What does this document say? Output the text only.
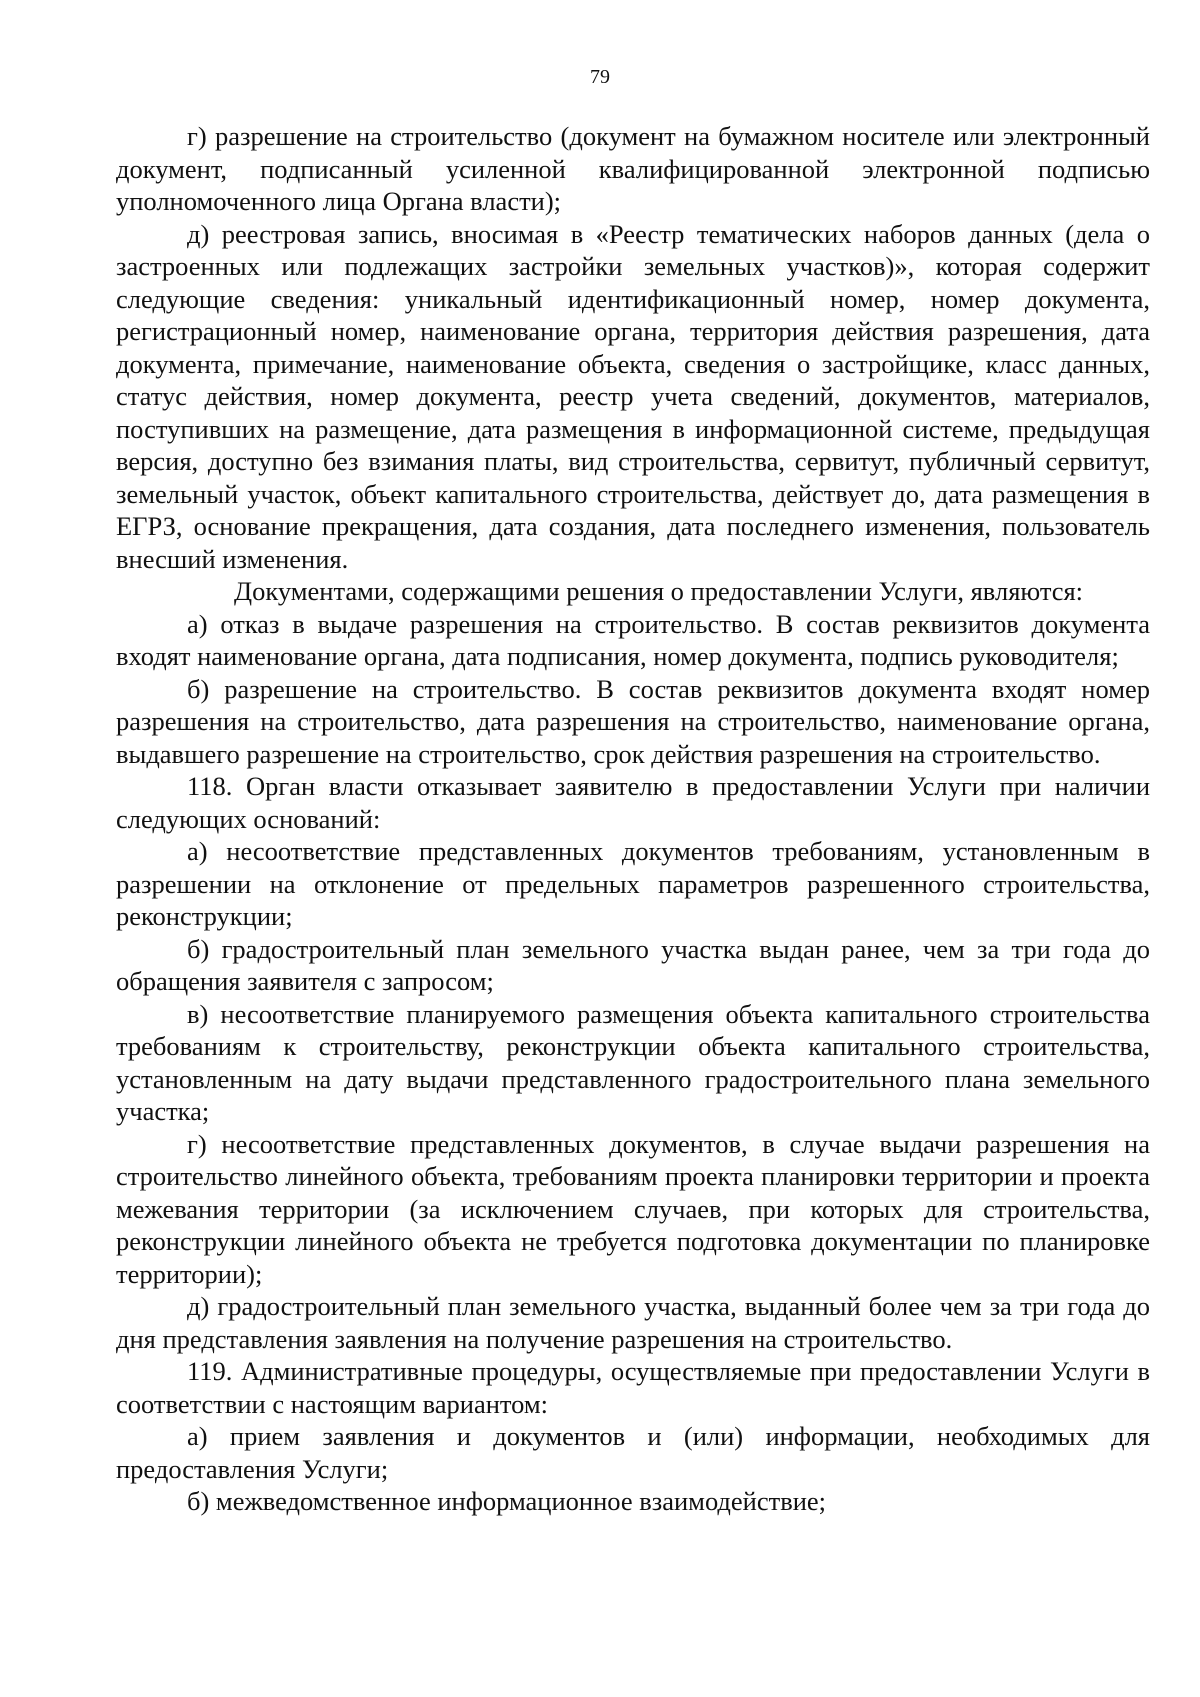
79

г) разрешение на строительство (документ на бумажном носителе или электронный документ, подписанный усиленной квалифицированной электронной подписью уполномоченного лица Органа власти);

д) реестровая запись, вносимая в «Реестр тематических наборов данных (дела о застроенных или подлежащих застройки земельных участков)», которая содержит следующие сведения: уникальный идентификационный номер, номер документа, регистрационный номер, наименование органа, территория действия разрешения, дата документа, примечание, наименование объекта, сведения о застройщике, класс данных, статус действия, номер документа, реестр учета сведений, документов, материалов, поступивших на размещение, дата размещения в информационной системе, предыдущая версия, доступно без взимания платы, вид строительства, сервитут, публичный сервитут, земельный участок, объект капитального строительства, действует до, дата размещения в ЕГРЗ, основание прекращения, дата создания, дата последнего изменения, пользователь внесший изменения.

Документами, содержащими решения о предоставлении Услуги, являются:

а) отказ в выдаче разрешения на строительство. В состав реквизитов документа входят наименование органа, дата подписания, номер документа, подпись руководителя;

б) разрешение на строительство. В состав реквизитов документа входят номер разрешения на строительство, дата разрешения на строительство, наименование органа, выдавшего разрешение на строительство, срок действия разрешения на строительство.

118. Орган власти отказывает заявителю в предоставлении Услуги при наличии следующих оснований:

а) несоответствие представленных документов требованиям, установленным в разрешении на отклонение от предельных параметров разрешенного строительства, реконструкции;

б) градостроительный план земельного участка выдан ранее, чем за три года до обращения заявителя с запросом;

в) несоответствие планируемого размещения объекта капитального строительства требованиям к строительству, реконструкции объекта капитального строительства, установленным на дату выдачи представленного градостроительного плана земельного участка;

г) несоответствие представленных документов, в случае выдачи разрешения на строительство линейного объекта, требованиям проекта планировки территории и проекта межевания территории (за исключением случаев, при которых для строительства, реконструкции линейного объекта не требуется подготовка документации по планировке территории);

д) градостроительный план земельного участка, выданный более чем за три года до дня представления заявления на получение разрешения на строительство.

119. Административные процедуры, осуществляемые при предоставлении Услуги в соответствии с настоящим вариантом:

а) прием заявления и документов и (или) информации, необходимых для предоставления Услуги;

б) межведомственное информационное взаимодействие;
